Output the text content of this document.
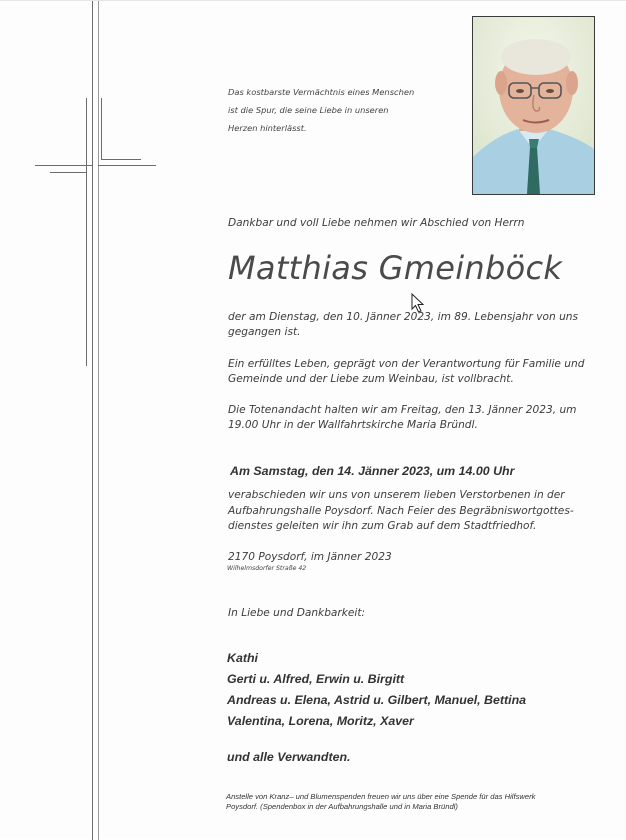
Das kostbarste Vermächtnis eines Menschen
ist die Spur, die seine Liebe in unseren
Herzen hinterlässt.
Dankbar und voll Liebe nehmen wir Abschied von Herrn
Matthias Gmeinböck
der am Dienstag, den 10. Jänner 2023, im 89. Lebensjahr von uns
gegangen ist.
Ein erfülltes Leben, geprägt von der Verantwortung für Familie und
Gemeinde und der Liebe zum Weinbau, ist vollbracht.
Die Totenandacht halten wir am Freitag, den 13. Jänner 2023, um
19.00 Uhr in der Wallfahrtskirche Maria Bründl.
Am Samstag, den 14. Jänner 2023, um 14.00 Uhr
verabschieden wir uns von unserem lieben Verstorbenen in der
Aufbahrungshalle Poysdorf. Nach Feier des Begräbniswortgottes-
dienstes geleiten wir ihn zum Grab auf dem Stadtfriedhof.
2170 Poysdorf, im Jänner 2023
Wilhelmsdorfer Straße 42
In Liebe und Dankbarkeit:
Kathi
Gerti u. Alfred, Erwin u. Birgitt
Andreas u. Elena, Astrid u. Gilbert, Manuel, Bettina
Valentina, Lorena, Moritz, Xaver
und alle Verwandten.
Anstelle von Kranz– und Blumenspenden freuen wir uns über eine Spende für das Hilfswerk
Poysdorf. (Spendenbox in der Aufbahrungshalle und in Maria Bründl)
